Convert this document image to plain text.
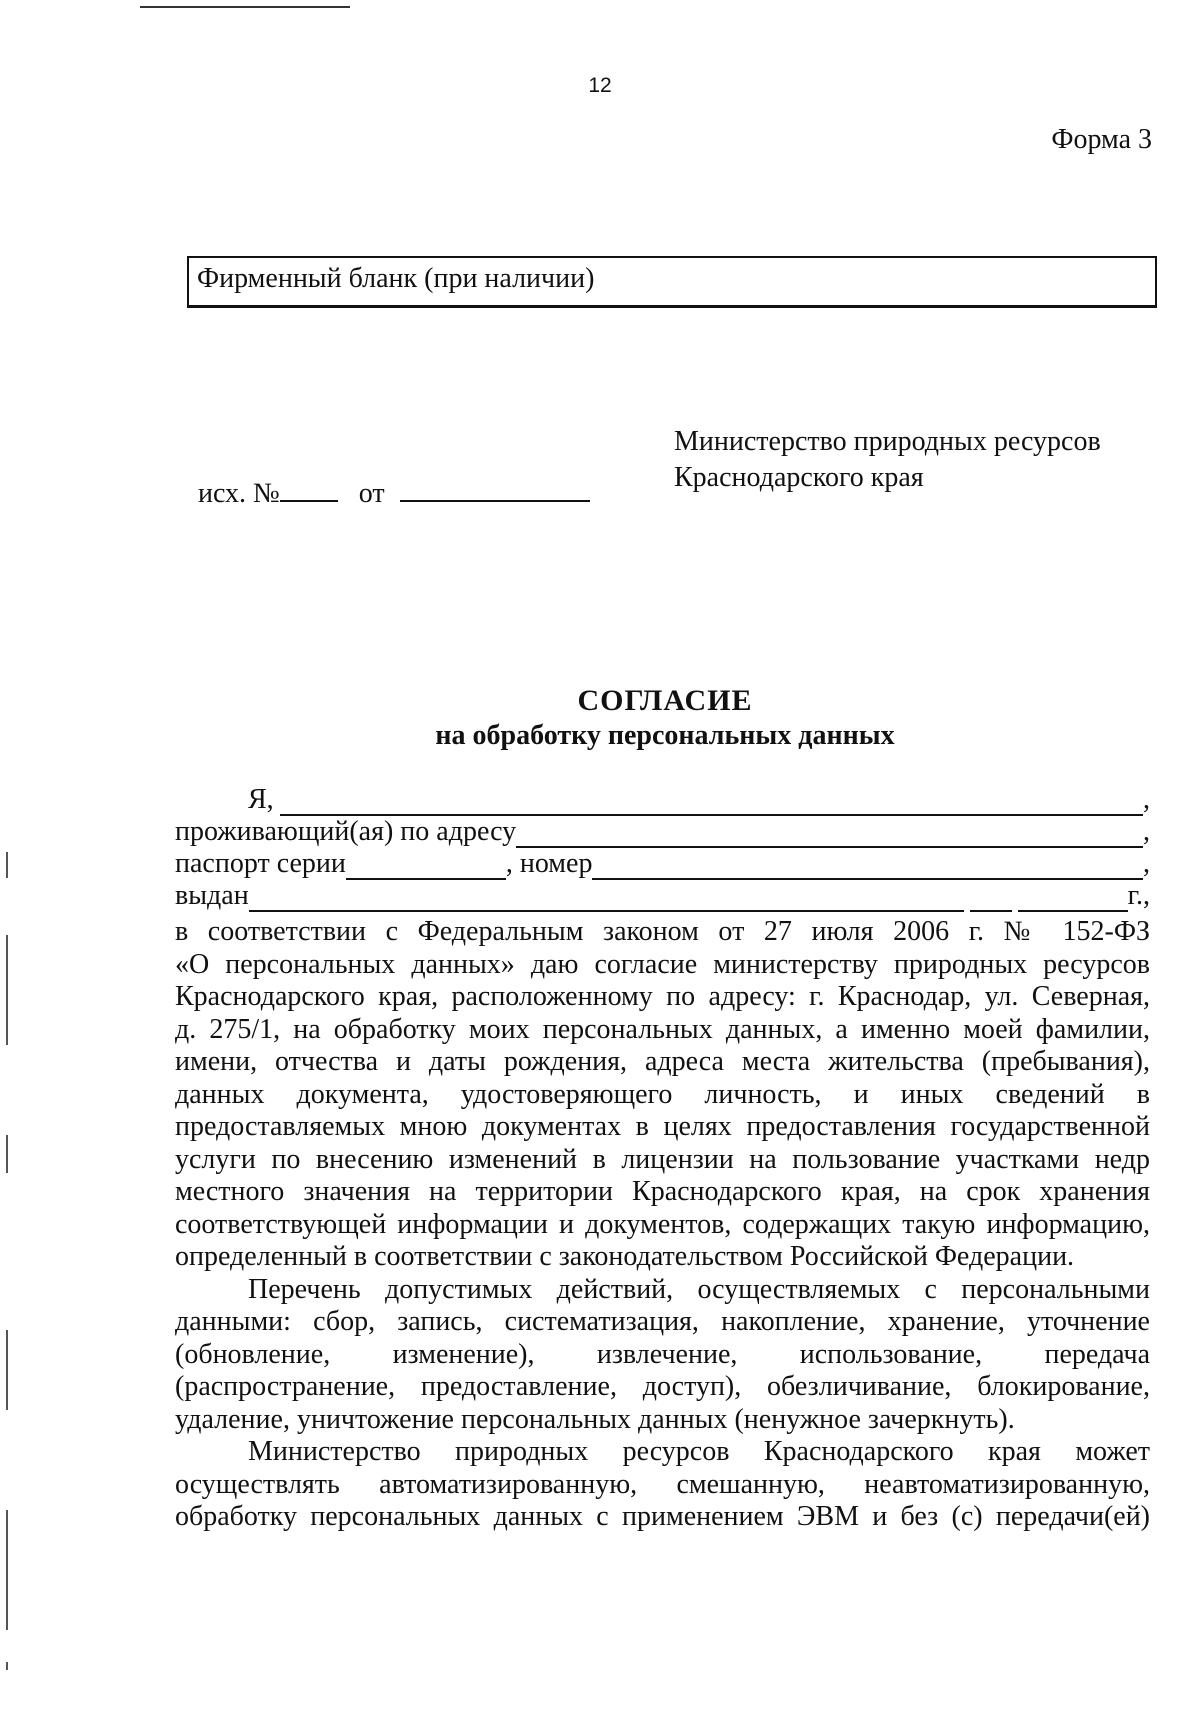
12
Форма 3
Фирменный бланк (при наличии)
Министерство природных ресурсов
Краснодарского края
исх. №	от
СОГЛАСИЕ
на обработку персональных данных
Я,	,
проживающий(ая) по адресу	,
паспорт серии	, номер	,
выдан	г.,

в соответствии с Федеральным законом от 27 июля 2006 г. № 152-ФЗ

«О персональных данных» даю согласие министерству природных ресурсов

Краснодарского края, расположенному по адресу: г. Краснодар, ул. Северная,

д. 275/1, на обработку моих персональных данных, а именно моей фамилии,

имени, отчества и даты рождения, адреса места жительства (пребывания),

данных документа, удостоверяющего личность, и иных сведений в

предоставляемых мною документах в целях предоставления государственной

услуги по внесению изменений в лицензии на пользование участками недр

местного значения на территории Краснодарского края, на срок хранения

соответствующей информации и документов, содержащих такую информацию,

определенный в соответствии с законодательством Российской Федерации.

Перечень допустимых действий, осуществляемых с персональными

данными: сбор, запись, систематизация, накопление, хранение, уточнение

(обновление, изменение), извлечение, использование, передача

(распространение, предоставление, доступ), обезличивание, блокирование,

удаление, уничтожение персональных данных (ненужное зачеркнуть).

Министерство природных ресурсов Краснодарского края может

осуществлять автоматизированную, смешанную, неавтоматизированную,

обработку персональных данных с применением ЭВМ и без (с) передачи(ей)
